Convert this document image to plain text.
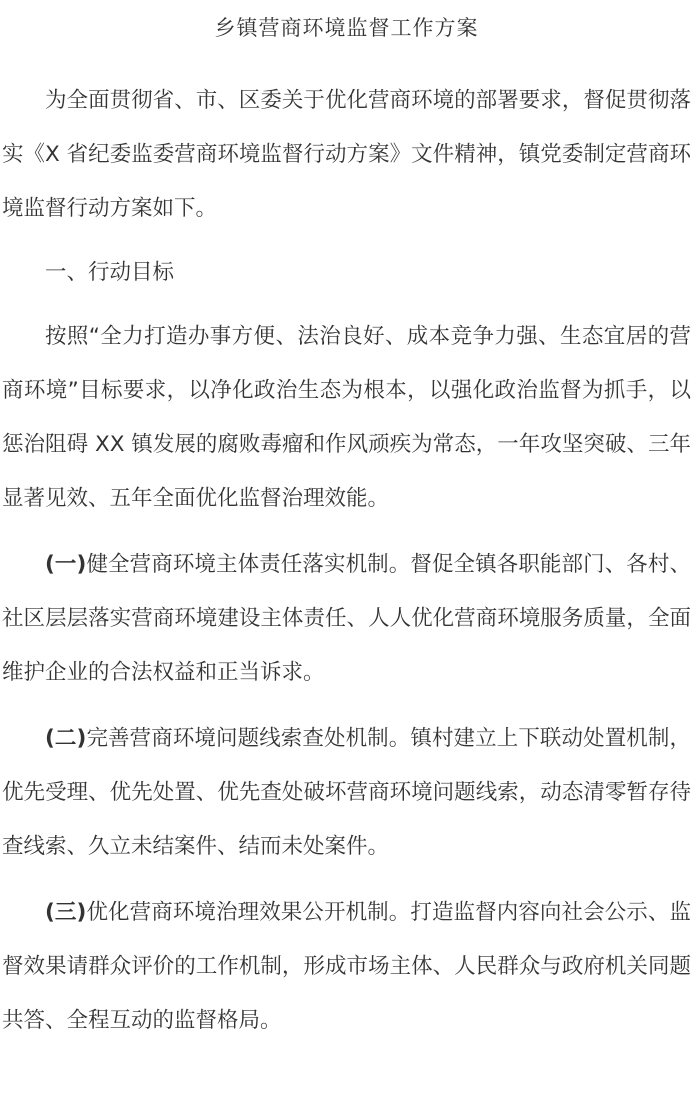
乡镇营商环境监督工作方案

为全面贯彻省、市、区委关于优化营商环境的部署要求，督促贯彻落实《X 省纪委监委营商环境监督行动方案》文件精神，镇党委制定营商环境监督行动方案如下。

一、行动目标

按照“全力打造办事方便、法治良好、成本竞争力强、生态宜居的营商环境”目标要求，以净化政治生态为根本，以强化政治监督为抓手，以惩治阻碍 XX 镇发展的腐败毒瘤和作风顽疾为常态，一年攻坚突破、三年显著见效、五年全面优化监督治理效能。

(一)健全营商环境主体责任落实机制。督促全镇各职能部门、各村、社区层层落实营商环境建设主体责任、人人优化营商环境服务质量，全面维护企业的合法权益和正当诉求。

(二)完善营商环境问题线索查处机制。镇村建立上下联动处置机制，优先受理、优先处置、优先查处破坏营商环境问题线索，动态清零暂存待查线索、久立未结案件、结而未处案件。

(三)优化营商环境治理效果公开机制。打造监督内容向社会公示、监督效果请群众评价的工作机制，形成市场主体、人民群众与政府机关同题共答、全程互动的监督格局。
